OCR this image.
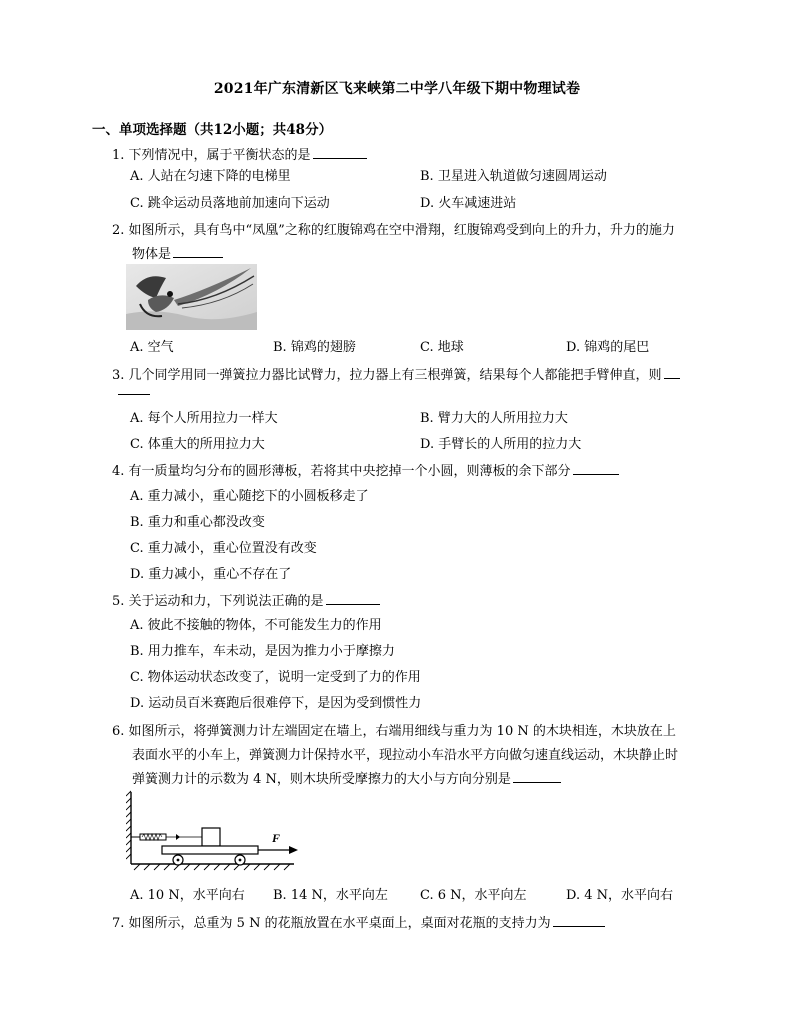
2021年广东清新区飞来峡第二中学八年级下期中物理试卷
一、单项选择题（共12小题；共48分）
1. 下列情况中，属于平衡状态的是
A. 人站在匀速下降的电梯里	B. 卫星进入轨道做匀速圆周运动
C. 跳伞运动员落地前加速向下运动	D. 火车减速进站
2. 如图所示，具有鸟中“凤凰”之称的红腹锦鸡在空中滑翔，红腹锦鸡受到向上的升力，升力的施力
物体是
A. 空气	B. 锦鸡的翅膀	C. 地球	D. 锦鸡的尾巴
3. 几个同学用同一弹簧拉力器比试臂力，拉力器上有三根弹簧，结果每个人都能把手臂伸直，则
A. 每个人所用拉力一样大	B. 臂力大的人所用拉力大
C. 体重大的所用拉力大	D. 手臂长的人所用的拉力大
4. 有一质量均匀分布的圆形薄板，若将其中央挖掉一个小圆，则薄板的余下部分
A. 重力减小，重心随挖下的小圆板移走了
B. 重力和重心都没改变
C. 重力减小，重心位置没有改变
D. 重力减小，重心不存在了
5. 关于运动和力，下列说法正确的是
A. 彼此不接触的物体，不可能发生力的作用
B. 用力推车，车未动，是因为推力小于摩擦力
C. 物体运动状态改变了，说明一定受到了力的作用
D. 运动员百米赛跑后很难停下，是因为受到惯性力
6. 如图所示，将弹簧测力计左端固定在墙上，右端用细线与重力为 10 N 的木块相连，木块放在上
表面水平的小车上，弹簧测力计保持水平，现拉动小车沿水平方向做匀速直线运动，木块静止时
弹簧测力计的示数为 4 N，则木块所受摩擦力的大小与方向分别是
F
A. 10 N，水平向右 B. 14 N，水平向左 C. 6 N，水平向左	D. 4 N，水平向右
7. 如图所示，总重为 5 N 的花瓶放置在水平桌面上，桌面对花瓶的支持力为
